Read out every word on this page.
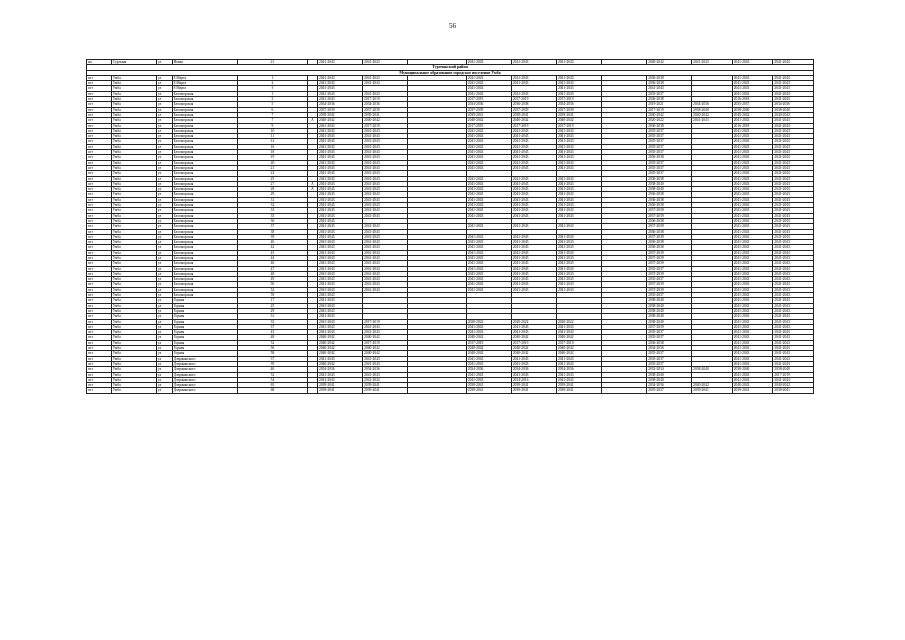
56
нп	Сургыня	ул	Новая	21		2041-2043	2041-2043		2041-2043	2041-2043	2041-2043		2040-2042	2041-2043	2041-2043	2041-2043
Турочакский район																
Муниципальное образование городское поселение Умба																
пгт	Умба	ул	8 Марта	1		2041-2043	2041-2043		2041-2043	2041-2043	2041-2043		2036-2038		2041-2043	2041-2043
пгт	Умба	ул	8 Марта	2		2041-2043	2041-2043		2041-2043	2041-2043	2041-2043		2036-2038		2041-2043	2041-2043
пгт	Умба	ул	8 Марта	3		2041-2043			2041-2043		2041-2043		2041-2043		2041-2043	2041-2043
пгт	Умба	ул	Беломорская	1		2041-2043	2041-2043		2041-2043	2041-2043	2041-2043		2035-2037		2041-2043	2041-2043
пгт	Умба	ул	Беломорская	3		2041-2043	2017-2019		2017-2019	2017-2019	2017-2019		2036-2038		2016-2018	2041-2043
пгт	Умба	ул	Беломорская	5		2034-2036	2034-2036		2034-2036	2036-2038	2034-2036		2019-2021	2034-2036	2035-2037	2034-2036
пгт	Умба	ул	Беломорская	6		2037-2039	2037-2039		2037-2039	2037-2039	2037-2039		2017-2019	2038-2040	2038-2040	2038-2040
пгт	Умба	ул	Беломорская	7		2039-2041	2039-2041		2039-2041	2039-2041	2039-2041		2040-2042	2040-2042	2040-2042	2040-2042
пгт	Умба	ул	Беломорская	7	А	2040-2042	2040-2042		2040-2042	2040-2042	2040-2042		2020-2022	2041-2043	2041-2043	2041-2043
пгт	Умба	ул	Беломорская	9		2041-2043	2017-2019		2017-2019	2017-2019	2017-2019		2036-2038		2016-2018	2041-2043
пгт	Умба	ул	Беломорская	10		2041-2043	2041-2043		2041-2043	2041-2043	2041-2043		2035-2037		2041-2043	2041-2043
пгт	Умба	ул	Беломорская	11		2041-2043	2041-2043		2041-2043	2041-2043	2041-2043		2035-2037		2041-2043	2041-2043
пгт	Умба	ул	Беломорская	12		2041-2043	2041-2043		2041-2043	2041-2043	2041-2043		2035-2037		2041-2043	2041-2043
пгт	Умба	ул	Беломорская	16		2041-2043	2041-2043		2041-2043	2041-2043	2041-2043		2035-2037		2041-2043	2041-2043
пгт	Умба	ул	Беломорская	18		2041-2043	2041-2043		2041-2043	2041-2043	2041-2043		2035-2037		2041-2043	2041-2043
пгт	Умба	ул	Беломорская	19		2041-2043	2041-2043		2041-2043	2041-2043	2041-2043		2036-2038		2041-2043	2041-2043
пгт	Умба	ул	Беломорская	20		2041-2043	2041-2043		2041-2043	2041-2043	2041-2043		2035-2037		2041-2043	2041-2043
пгт	Умба	ул	Беломорская	21		2041-2043	2041-2043		2041-2043	2041-2043	2041-2043		2035-2037		2041-2043	2041-2043
пгт	Умба	ул	Беломорская	22		2041-2043	2041-2043						2035-2037		2041-2043	2041-2043
пгт	Умба	ул	Беломорская	25		2041-2043	2041-2043		2041-2043	2041-2043	2041-2043		2036-2038		2041-2043	2041-2043
пгт	Умба	ул	Беломорская	27	А	2041-2043	2041-2043		2041-2043	2041-2043	2041-2043		2038-2040		2041-2043	2041-2043
пгт	Умба	ул	Беломорская	28	А	2041-2043	2041-2043		2041-2043	2041-2043	2041-2043		2038-2040		2041-2043	2041-2043
пгт	Умба	ул	Беломорская	29		2041-2043	2041-2043		2041-2043	2041-2043	2041-2043		2036-2038		2041-2043	2041-2043
пгт	Умба	ул	Беломорская	31		2041-2043	2041-2043		2041-2043	2041-2043	2041-2043		2036-2038		2041-2043	2041-2043
пгт	Умба	ул	Беломорская	32		2041-2043	2041-2043		2041-2043	2041-2043	2041-2043		2036-2038		2041-2043	2041-2043
пгт	Умба	ул	Беломорская	33		2041-2043	2041-2043		2041-2043	2041-2043	2041-2043		2037-2039		2041-2043	2041-2043
пгт	Умба	ул	Беломорская	35		2041-2043	2041-2043		2041-2043	2041-2043	2041-2043		2037-2039		2041-2043	2041-2043
пгт	Умба	ул	Беломорская	36		2041-2043							2036-2038		2041-2043	2041-2043
пгт	Умба	ул	Беломорская	37		2041-2043	2041-2043		2041-2043	2041-2043	2041-2043		2037-2039		2041-2043	2041-2043
пгт	Умба	ул	Беломорская	38		2041-2043	2041-2043						2036-2038		2041-2043	2041-2043
пгт	Умба	ул	Беломорская	39		2041-2043	2041-2043		2041-2043	2041-2043	2041-2043		2037-2039		2041-2043	2041-2043
пгт	Умба	ул	Беломорская	40		2041-2043	2041-2043		2041-2043	2041-2043	2041-2043		2036-2038		2041-2043	2041-2043
пгт	Умба	ул	Беломорская	42		2041-2043	2041-2043		2041-2043	2041-2043	2041-2043		2036-2038		2041-2043	2041-2043
пгт	Умба	ул	Беломорская	43		2041-2043	2041-2043		2041-2043	2041-2043	2041-2043		2037-2039		2041-2043	2041-2043
пгт	Умба	ул	Беломорская	44		2041-2043	2041-2043		2041-2043	2041-2043	2041-2043		2037-2039		2041-2043	2041-2043
пгт	Умба	ул	Беломорская	46		2041-2043	2041-2043		2041-2043	2041-2043	2041-2043		2037-2039		2041-2043	2041-2043
пгт	Умба	ул	Беломорская	47		2041-2043	2041-2043		2041-2043	2041-2043	2041-2043		2035-2037		2041-2043	2041-2043
пгт	Умба	ул	Беломорская	48		2041-2043	2041-2043		2041-2043	2041-2043	2041-2043		2037-2039		2041-2043	2041-2043
пгт	Умба	ул	Беломорская	49		2041-2043	2041-2043		2041-2043	2041-2043	2041-2043		2035-2037		2041-2043	2041-2043
пгт	Умба	ул	Беломорская	50		2041-2043	2041-2043		2041-2043	2041-2043	2041-2043		2037-2039		2041-2043	2041-2043
пгт	Умба	ул	Беломорская	52		2041-2043	2041-2043		2041-2043	2041-2043	2041-2043		2037-2039		2041-2043	2041-2043
пгт	Умба	ул	Беломорская	59		2041-2043							2035-2037		2041-2043	2041-2043
пгт	Умба	ул	Горная	17		2041-2043							2038-2040		2041-2043	2041-2043
пгт	Умба	ул	Горная	25		2041-2043							2038-2040		2041-2043	2041-2043
пгт	Умба	ул	Горная	29		2041-2043							2038-2040		2041-2043	2041-2043
пгт	Умба	ул	Горная	31		2041-2043							2038-2040		2041-2043	2041-2043
пгт	Умба	ул	Горная	33		2041-2043	2017-2019		2020-2022	2020-2022	2020-2022		2038-2040		2041-2043	2041-2043
пгт	Умба	ул	Горная	37		2041-2043	2041-2043		2041-2043	2041-2043	2041-2043		2037-2039		2041-2043	2041-2043
пгт	Умба	ул	Горная	43		2041-2043	2041-2043		2041-2043	2041-2043	2041-2043		2035-2037		2041-2043	2041-2043
пгт	Умба	ул	Горная	48		2040-2042	2040-2042		2040-2042	2040-2042	2040-2042		2035-2037		2041-2043	2041-2043
пгт	Умба	ул	Горная	52		2040-2042	2017-2019		2017-2019	2017-2019	2017-2019		2036-2038		2041-2043	2041-2043
пгт	Умба	ул	Горная	56		2040-2042	2040-2042		2040-2042	2040-2042	2040-2042		2034-2036		2041-2043	2041-2043
пгт	Умба	ул	Горная	58		2040-2042	2040-2042		2040-2042	2040-2042	2040-2042		2035-2037		2041-2043	2041-2043
пгт	Умба	ул	Дзержинского	37		2041-2043	2041-2043		2041-2043	2041-2043	2041-2043		2035-2037		2041-2043	2041-2043
пгт	Умба	ул	Дзержинского	39		2040-2042	2041-2043		2041-2043	2041-2043	2041-2043		2035-2037		2041-2043	2041-2043
пгт	Умба	ул	Дзержинского	46		2034-2036	2034-2036		2034-2036	2034-2036	2034-2036		2032-2034	2038-2040	2038-2040	2038-2040
пгт	Умба	ул	Дзержинского	52		2041-2043	2041-2043		2041-2043	2041-2043	2041-2043		2038-2040		2041-2043	2017-2019
пгт	Умба	ул	Дзержинского	54		2041-2043	2041-2043		2041-2043	2014-2016	2041-2043		2038-2040		2041-2043	2041-2043
пгт	Умба	ул	Дзержинского	65		2039-2041	2039-2041		2039-2041	2039-2041	2039-2041		2034-2036	2040-2042	2040-2042	2040-2042
пгт	Умба	ул	Дзержинского	68		2039-2041	2039-2041		2039-2041	2039-2041	2039-2041		2035-2037	2039-2041	2039-2041	2039-2041
